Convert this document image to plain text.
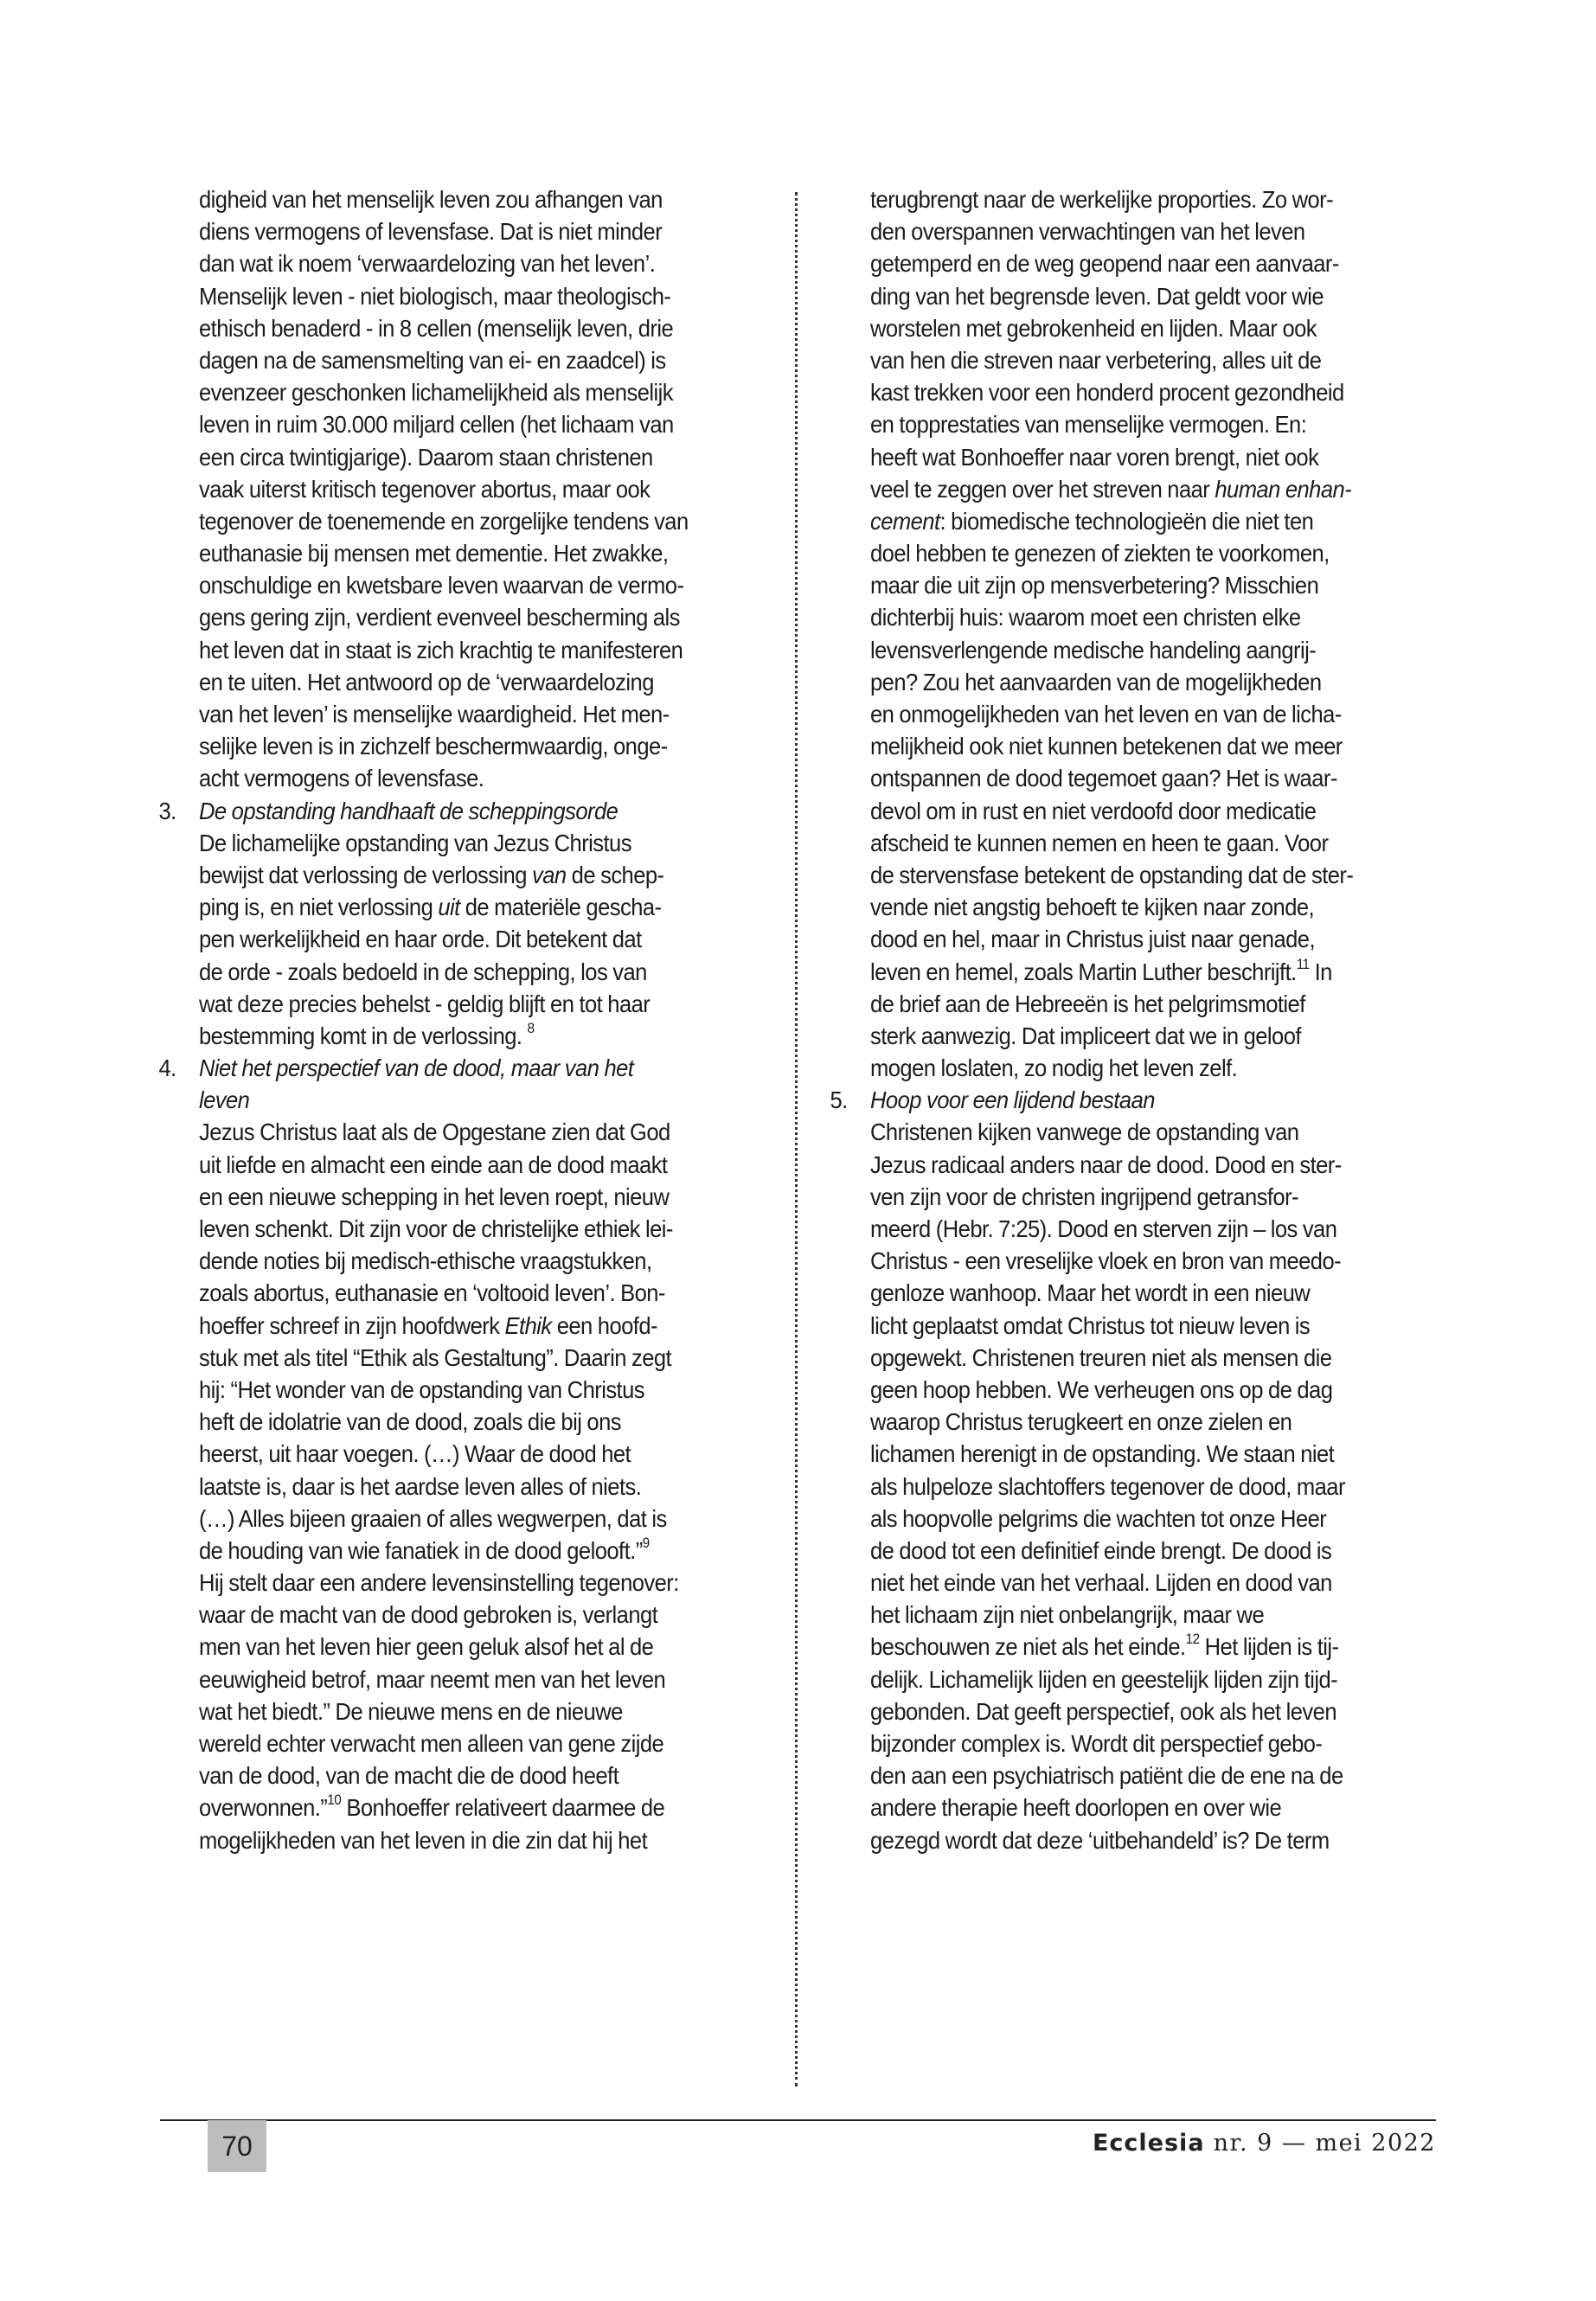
digheid van het menselijk leven zou afhangen van
diens vermogens of levensfase. Dat is niet minder
dan wat ik noem ‘verwaardelozing van het leven’.
Menselijk leven - niet biologisch, maar theologisch-
ethisch benaderd - in 8 cellen (menselijk leven, drie
dagen na de samensmelting van ei- en zaadcel) is
evenzeer geschonken lichamelijkheid als menselijk
leven in ruim 30.000 miljard cellen (het lichaam van
een circa twintigjarige). Daarom staan christenen
vaak uiterst kritisch tegenover abortus, maar ook
tegenover de toenemende en zorgelijke tendens van
euthanasie bij mensen met dementie. Het zwakke,
onschuldige en kwetsbare leven waarvan de vermo-
gens gering zijn, verdient evenveel bescherming als
het leven dat in staat is zich krachtig te manifesteren
en te uiten. Het antwoord op de ‘verwaardelozing
van het leven’ is menselijke waardigheid. Het men-
selijke leven is in zichzelf beschermwaardig, onge-
acht vermogens of levensfase.
3. De opstanding handhaaft de scheppingsorde
De lichamelijke opstanding van Jezus Christus
bewijst dat verlossing de verlossing van de schep-
ping is, en niet verlossing uit de materiële gescha-
pen werkelijkheid en haar orde. Dit betekent dat
de orde - zoals bedoeld in de schepping, los van
wat deze precies behelst - geldig blijft en tot haar
bestemming komt in de verlossing. $^8$
4. Niet het perspectief van de dood, maar van het
leven
Jezus Christus laat als de Opgestane zien dat God
uit liefde en almacht een einde aan de dood maakt
en een nieuwe schepping in het leven roept, nieuw
leven schenkt. Dit zijn voor de christelijke ethiek lei-
dende noties bij medisch-ethische vraagstukken,
zoals abortus, euthanasie en ‘voltooid leven’. Bon-
hoeffer schreef in zijn hoofdwerk Ethik een hoofd-
stuk met als titel “Ethik als Gestaltung”. Daarin zegt
hij: “Het wonder van de opstanding van Christus
heft de idolatrie van de dood, zoals die bij ons
heerst, uit haar voegen. (…) Waar de dood het
laatste is, daar is het aardse leven alles of niets.
(…) Alles bijeen graaien of alles wegwerpen, dat is
de houding van wie fanatiek in de dood gelooft.”$^9$
Hij stelt daar een andere levensinstelling tegenover:
waar de macht van de dood gebroken is, verlangt
men van het leven hier geen geluk alsof het al de
eeuwigheid betrof, maar neemt men van het leven
wat het biedt.” De nieuwe mens en de nieuwe
wereld echter verwacht men alleen van gene zijde
van de dood, van de macht die de dood heeft
overwonnen.”$^{10}$ Bonhoeffer relativeert daarmee de
mogelijkheden van het leven in die zin dat hij het
terugbrengt naar de werkelijke proporties. Zo wor-
den overspannen verwachtingen van het leven
getemperd en de weg geopend naar een aanvaar-
ding van het begrensde leven. Dat geldt voor wie
worstelen met gebrokenheid en lijden. Maar ook
van hen die streven naar verbetering, alles uit de
kast trekken voor een honderd procent gezondheid
en topprestaties van menselijke vermogen. En:
heeft wat Bonhoeffer naar voren brengt, niet ook
veel te zeggen over het streven naar human enhan-
cement: biomedische technologieën die niet ten
doel hebben te genezen of ziekten te voorkomen,
maar die uit zijn op mensverbetering? Misschien
dichterbij huis: waarom moet een christen elke
levensverlengende medische handeling aangrij-
pen? Zou het aanvaarden van de mogelijkheden
en onmogelijkheden van het leven en van de licha-
melijkheid ook niet kunnen betekenen dat we meer
ontspannen de dood tegemoet gaan? Het is waar-
devol om in rust en niet verdoofd door medicatie
afscheid te kunnen nemen en heen te gaan. Voor
de stervensfase betekent de opstanding dat de ster-
vende niet angstig behoeft te kijken naar zonde,
dood en hel, maar in Christus juist naar genade,
leven en hemel, zoals Martin Luther beschrijft.$^{11}$ In
de brief aan de Hebreeën is het pelgrimsmotief
sterk aanwezig. Dat impliceert dat we in geloof
mogen loslaten, zo nodig het leven zelf.
5. Hoop voor een lijdend bestaan
Christenen kijken vanwege de opstanding van
Jezus radicaal anders naar de dood. Dood en ster-
ven zijn voor de christen ingrijpend getransfor-
meerd (Hebr. 7:25). Dood en sterven zijn – los van
Christus - een vreselijke vloek en bron van meedo-
genloze wanhoop. Maar het wordt in een nieuw
licht geplaatst omdat Christus tot nieuw leven is
opgewekt. Christenen treuren niet als mensen die
geen hoop hebben. We verheugen ons op de dag
waarop Christus terugkeert en onze zielen en
lichamen herenigt in de opstanding. We staan niet
als hulpeloze slachtoffers tegenover de dood, maar
als hoopvolle pelgrims die wachten tot onze Heer
de dood tot een definitief einde brengt. De dood is
niet het einde van het verhaal. Lijden en dood van
het lichaam zijn niet onbelangrijk, maar we
beschouwen ze niet als het einde.$^{12}$ Het lijden is tij-
delijk. Lichamelijk lijden en geestelijk lijden zijn tijd-
gebonden. Dat geeft perspectief, ook als het leven
bijzonder complex is. Wordt dit perspectief gebo-
den aan een psychiatrisch patiënt die de ene na de
andere therapie heeft doorlopen en over wie
gezegd wordt dat deze ‘uitbehandeld’ is? De term
70	Ecclesia nr. 9 — mei 2022
